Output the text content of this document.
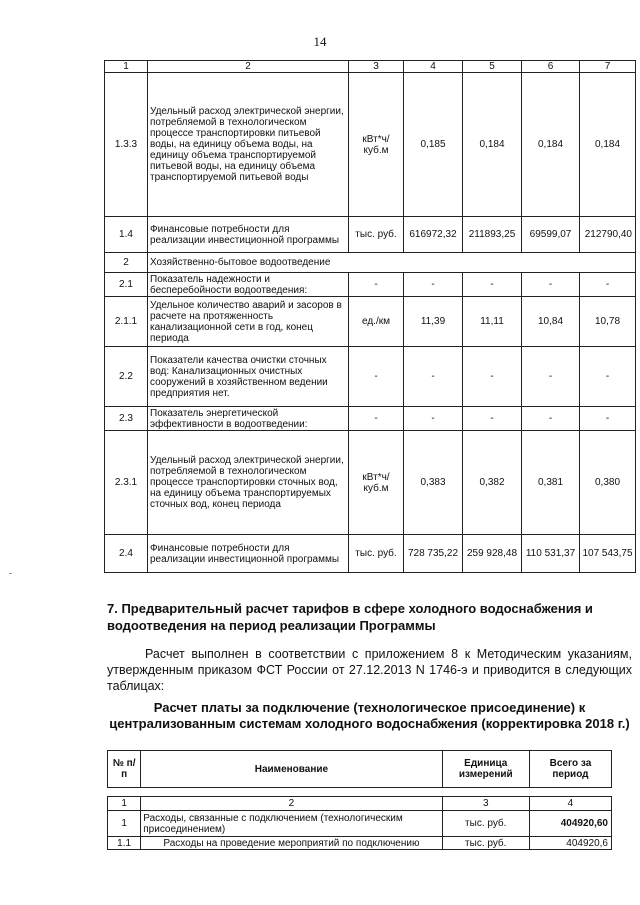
14
1	2	3	4	5	6	7
1.3.3	Удельный расход электрической энергии, потребляемой в технологическом процессе транспортировки питьевой воды, на единицу объема воды, на единицу объема транспортируемой питьевой воды, на единицу объема транспортируемой питьевой воды	кВт*ч/ куб.м	0,185	0,184	0,184	0,184
1.4	Финансовые потребности для реализации инвестиционной программы	тыс. руб.	616972,32	211893,25	69599,07	212790,40
2	Хозяйственно-бытовое водоотведение					
2.1	Показатель надежности и бесперебойности водоотведения:	-	-	-	-	-
2.1.1	Удельное количество аварий и засоров в расчете на протяженность канализационной сети в год, конец периода	ед./км	11,39	11,11	10,84	10,78
2.2	Показатели качества очистки сточных вод: Канализационных очистных сооружений в хозяйственном ведении предприятия нет.	-	-	-	-	-
2.3	Показатель энергетической эффективности в водоотведении:	-	-	-	-	-
2.3.1	Удельный расход электрической энергии, потребляемой в технологическом процессе транспортировки сточных вод, на единицу объема транспортируемых сточных вод, конец периода	кВт*ч/ куб.м	0,383	0,382	0,381	0,380
2.4	Финансовые потребности для реализации инвестиционной программы	тыс. руб.	728 735,22	259 928,48	110 531,37	107 543,75
7. Предварительный расчет тарифов в сфере холодного водоснабжения и водоотведения на период реализации Программы
Расчет выполнен в соответствии с приложением 8 к Методическим указаниям, утвержденным приказом ФСТ России от 27.12.2013 N 1746-э и приводится в следующих таблицах:
Расчет платы за подключение (технологическое присоединение) к централизованным системам холодного водоснабжения (корректировка 2018 г.)
№ п/п	Наименование	Единица измерений	Всего за период
1	2	3	4
1	Расходы, связанные с подключением (технологическим присоединением)	тыс. руб.	404920,60
1.1	Расходы на проведение мероприятий по подключению	тыс. руб.	404920,6
